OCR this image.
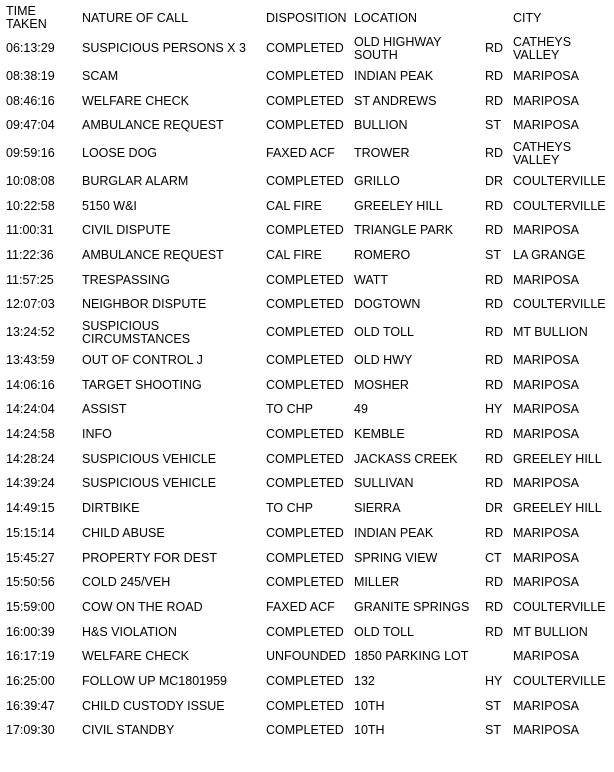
TIME TAKEN	NATURE OF CALL	DISPOSITION	LOCATION		CITY
06:13:29	SUSPICIOUS PERSONS X 3	COMPLETED	OLD HIGHWAY SOUTH	RD	CATHEYS VALLEY
08:38:19	SCAM	COMPLETED	INDIAN PEAK	RD	MARIPOSA
08:46:16	WELFARE CHECK	COMPLETED	ST ANDREWS	RD	MARIPOSA
09:47:04	AMBULANCE REQUEST	COMPLETED	BULLION	ST	MARIPOSA
09:59:16	LOOSE DOG	FAXED ACF	TROWER	RD	CATHEYS VALLEY
10:08:08	BURGLAR ALARM	COMPLETED	GRILLO	DR	COULTERVILLE
10:22:58	5150 W&I	CAL FIRE	GREELEY HILL	RD	COULTERVILLE
11:00:31	CIVIL DISPUTE	COMPLETED	TRIANGLE PARK	RD	MARIPOSA
11:22:36	AMBULANCE REQUEST	CAL FIRE	ROMERO	ST	LA GRANGE
11:57:25	TRESPASSING	COMPLETED	WATT	RD	MARIPOSA
12:07:03	NEIGHBOR DISPUTE	COMPLETED	DOGTOWN	RD	COULTERVILLE
13:24:52	SUSPICIOUS CIRCUMSTANCES	COMPLETED	OLD TOLL	RD	MT BULLION
13:43:59	OUT OF CONTROL J	COMPLETED	OLD HWY	RD	MARIPOSA
14:06:16	TARGET SHOOTING	COMPLETED	MOSHER	RD	MARIPOSA
14:24:04	ASSIST	TO CHP	49	HY	MARIPOSA
14:24:58	INFO	COMPLETED	KEMBLE	RD	MARIPOSA
14:28:24	SUSPICIOUS VEHICLE	COMPLETED	JACKASS CREEK	RD	GREELEY HILL
14:39:24	SUSPICIOUS VEHICLE	COMPLETED	SULLIVAN	RD	MARIPOSA
14:49:15	DIRTBIKE	TO CHP	SIERRA	DR	GREELEY HILL
15:15:14	CHILD ABUSE	COMPLETED	INDIAN PEAK	RD	MARIPOSA
15:45:27	PROPERTY FOR DEST	COMPLETED	SPRING VIEW	CT	MARIPOSA
15:50:56	COLD 245/VEH	COMPLETED	MILLER	RD	MARIPOSA
15:59:00	COW ON THE ROAD	FAXED ACF	GRANITE SPRINGS	RD	COULTERVILLE
16:00:39	H&S VIOLATION	COMPLETED	OLD TOLL	RD	MT BULLION
16:17:19	WELFARE CHECK	UNFOUNDED	1850 PARKING LOT		MARIPOSA
16:25:00	FOLLOW UP MC1801959	COMPLETED	132	HY	COULTERVILLE
16:39:47	CHILD CUSTODY ISSUE	COMPLETED	10TH	ST	MARIPOSA
17:09:30	CIVIL STANDBY	COMPLETED	10TH	ST	MARIPOSA
